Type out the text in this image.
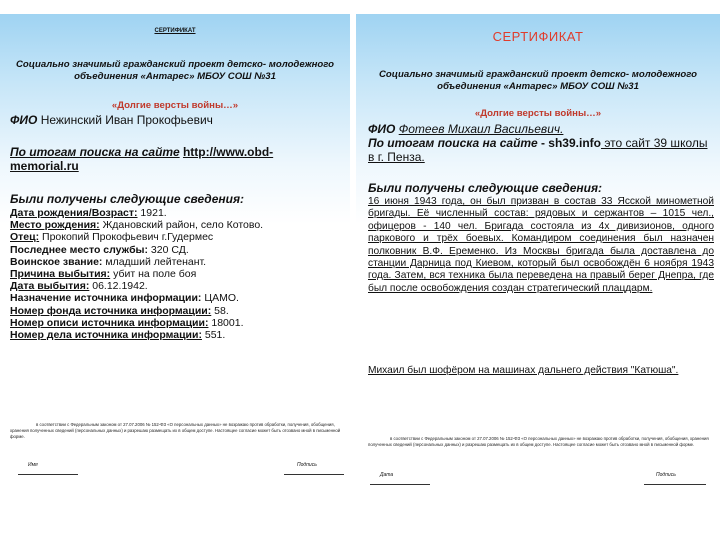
СЕРТИФИКАТ
Социально значимый гражданский проект детско- молодежного объединения «Антарес» МБОУ СОШ №31
«Долгие версты войны…»
ФИО Нежинский Иван Прокофьевич
По итогам поиска на сайте http://www.obd-memorial.ru
Были получены следующие сведения:
Дата рождения/Возраст: 1921.
Место рождения: Ждановский район, село Котово.
Отец: Прокопий Прокофьевич г.Гудермес
Последнее место службы: 320 СД.
Воинское звание: младший лейтенант.
Причина выбытия: убит на поле боя
Дата выбытия: 06.12.1942.
Назначение источника информации: ЦАМО.
Номер фонда источника информации: 58.
Номер описи источника информации: 18001.
Номер дела источника информации: 551.
в соответствии с Федеральным законом от 27.07.2006 № 152-ФЗ «О персональных данных» не возражаю против обработки, получения, обобщения, хранения полученных сведений (персональных данных) и разрешаю размещать их в общем доступе. Настоящее согласие может быть отозвано мной в письменной форме.
Имя	Подпись
СЕРТИФИКАТ
Социально значимый гражданский проект детско- молодежного объединения «Антарес» МБОУ СОШ №31
«Долгие версты войны…»
ФИО Фотеев Михаил Васильевич.
По итогам поиска на сайте - sh39.info это сайт 39 школы в г. Пенза.
Были получены следующие сведения:
16 июня 1943 года, он был призван в состав 33 Ясской минометной бригады. Её численный состав: рядовых и сержантов – 1015 чел., офицеров - 140 чел. Бригада состояла из 4х дивизионов, одного паркового и трёх боевых. Командиром соединения был назначен полковник В.Ф. Еременко. Из Москвы бригада была доставлена до станции Дарница под Киевом, который был освобождён 6 ноября 1943 года. Затем, вся техника была переведена на правый берег Днепра, где был после освобождения создан стратегический плацдарм.
Михаил был шофёром на машинах дальнего действия "Катюша".
в соответствии с Федеральным законом от 27.07.2006 № 152-ФЗ «О персональных данных» не возражаю против обработки, получения, обобщения, хранения полученных сведений (персональных данных) и разрешаю размещать их в общем доступе. Настоящее согласие может быть отозвано мной в письменной форме.
Дата	Подпись
